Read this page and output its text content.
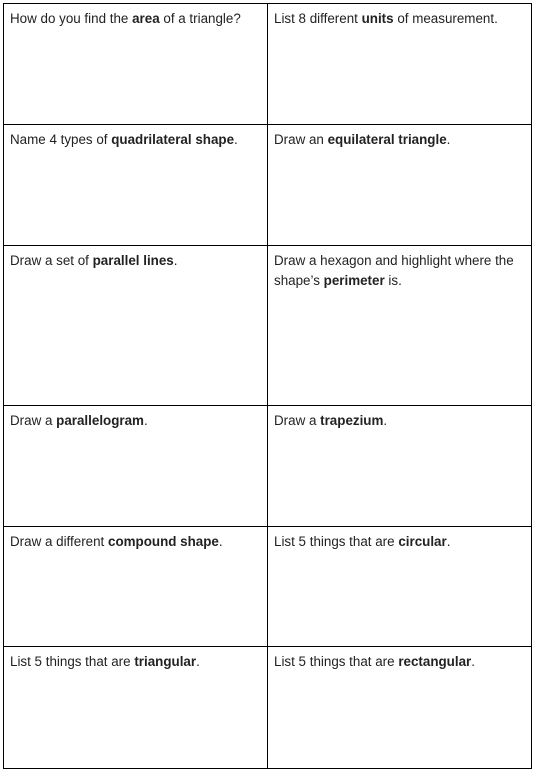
How do you find the area of a triangle?	List 8 different units of measurement.
Name 4 types of quadrilateral shape.	Draw an equilateral triangle.
Draw a set of parallel lines.	Draw a hexagon and highlight where the shape’s perimeter is.
Draw a parallelogram.	Draw a trapezium.
Draw a different compound shape.	List 5 things that are circular.
List 5 things that are triangular.	List 5 things that are rectangular.
